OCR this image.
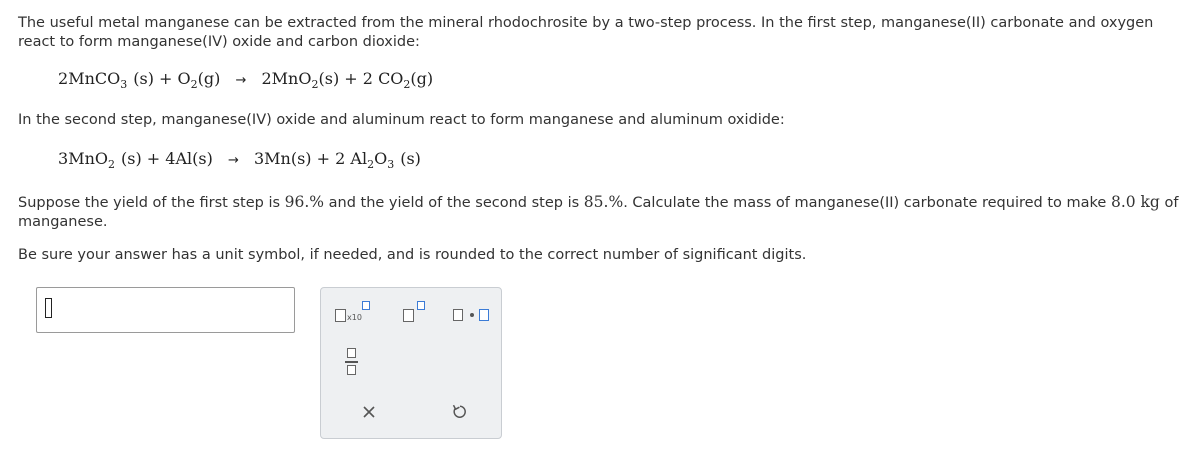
The useful metal manganese can be extracted from the mineral rhodochrosite by a two-step process. In the first step, manganese(II) carbonate and oxygen react to form manganese(IV) oxide and carbon dioxide:
2MnCO$_3$ $(s) + O_2(g) \to 2MnO_2(s) + 2$ $CO_2(g)$
In the second step, manganese(IV) oxide and aluminum react to form manganese and aluminum oxidide:
3MnO$_2$ (s) + 4Al(s) → 3Mn(s) + 2 $Al_2O_3$ (s)
Suppose the yield of the first step is 96.% and the yield of the second step is 85.%. Calculate the mass of manganese(II) carbonate required to make 8.0 kg of
manganese.
Be sure your answer has a unit symbol, if needed, and is rounded to the correct number of significant digits.
x10
